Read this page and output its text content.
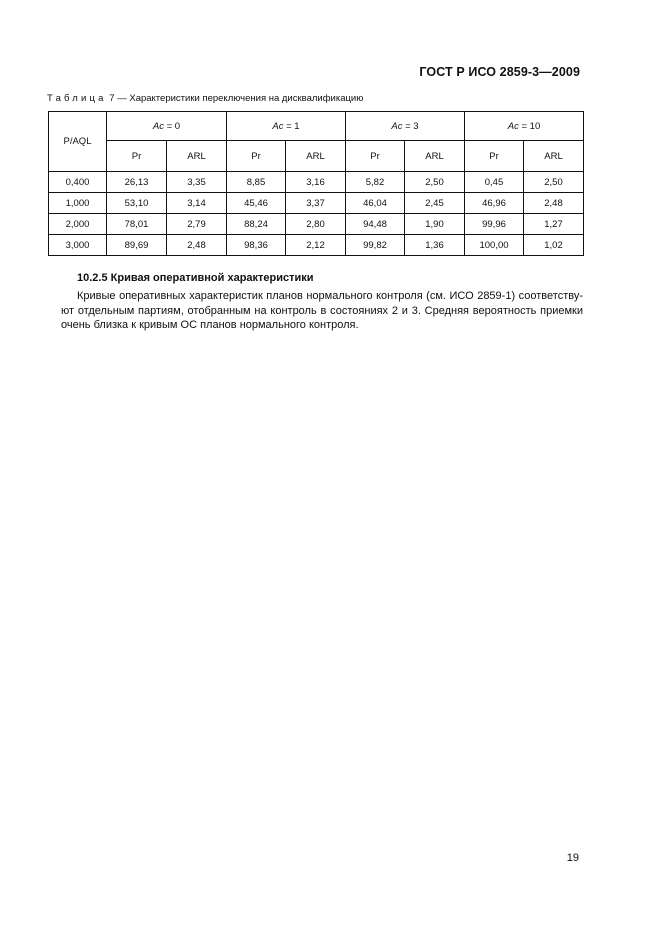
ГОСТ Р ИСО 2859-3—2009
Таблица 7 — Характеристики переключения на дисквалификацию
P/AQL	Ac = 0		Ac = 1		Ac = 3		Ac = 10	
	Pr	ARL	Pr	ARL	Pr	ARL	Pr	ARL
0,400	26,13	3,35	8,85	3,16	5,82	2,50	0,45	2,50
1,000	53,10	3,14	45,46	3,37	46,04	2,45	46,96	2,48
2,000	78,01	2,79	88,24	2,80	94,48	1,90	99,96	1,27
3,000	89,69	2,48	98,36	2,12	99,82	1,36	100,00	1,02
10.2.5 Кривая оперативной характеристики
Кривые оперативных характеристик планов нормального контроля (см. ИСО 2859-1) соответству- ют отдельным партиям, отобранным на контроль в состояниях 2 и 3. Средняя вероятность приемки очень близка к кривым ОС планов нормального контроля.
19
